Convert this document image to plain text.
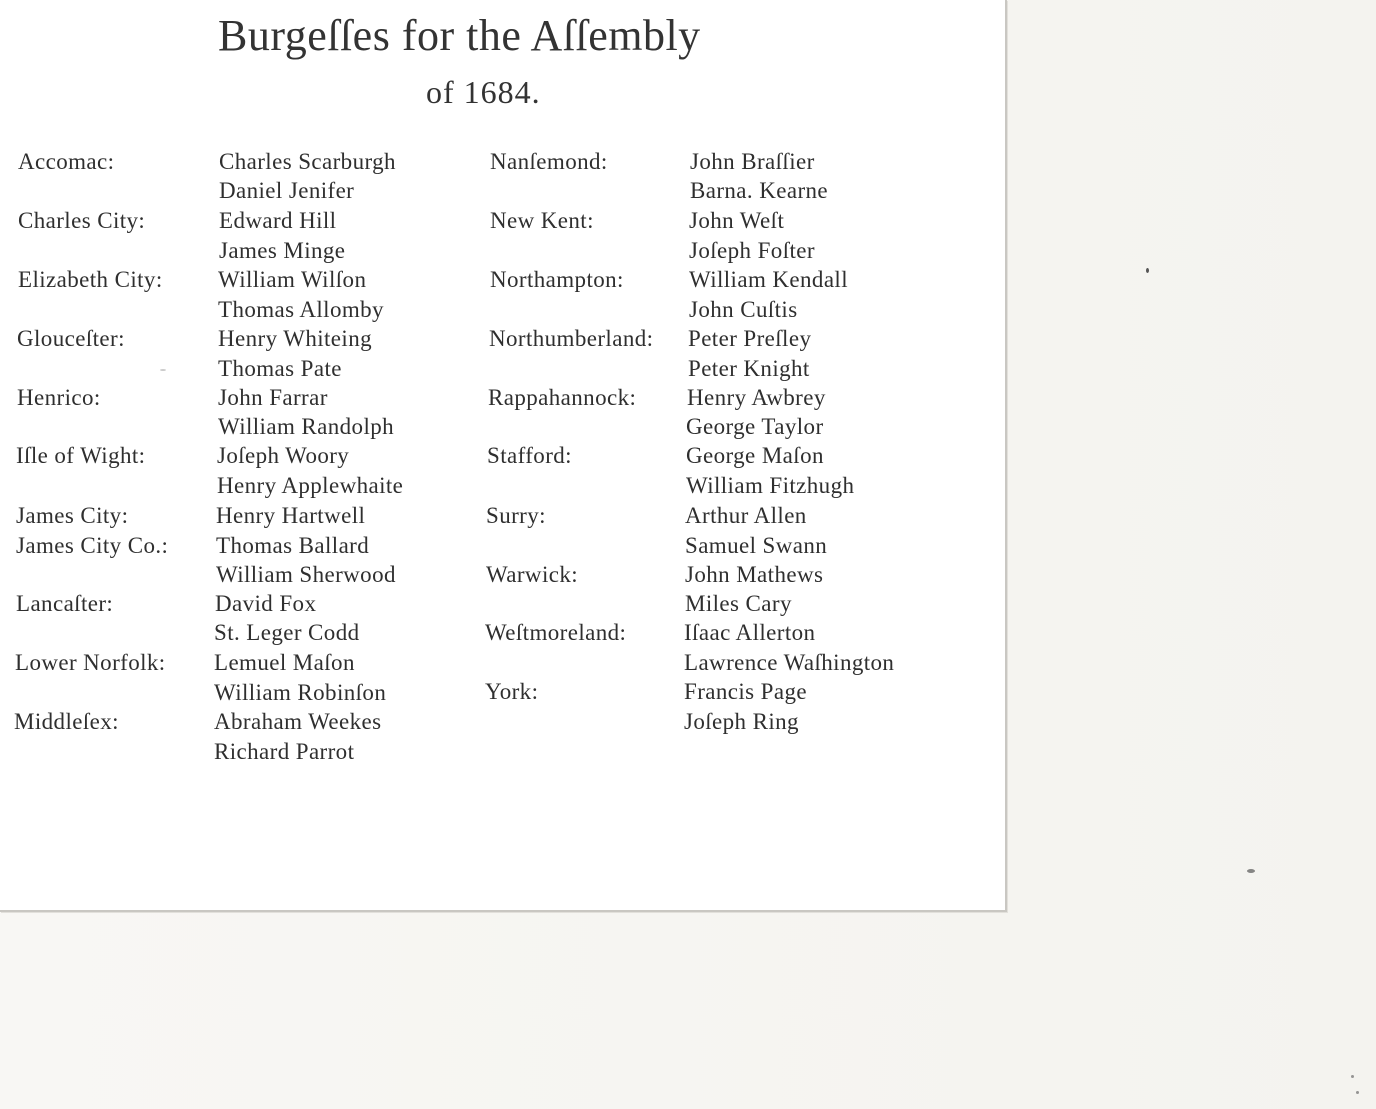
Burgeſſes for the Aſſembly
of 1684.
Accomac:
Charles City:
Elizabeth City:
Glouceſter:
Henrico:
Iſle of Wight:
James City:
James City Co.:
Lancaſter:
Lower Norfolk:
Middleſex:
Charles Scarburgh
Daniel Jenifer
Edward Hill
James Minge
William Wilſon
Thomas Allomby
Henry Whiteing
Thomas Pate
John Farrar
William Randolph
Joſeph Woory
Henry Applewhaite
Henry Hartwell
Thomas Ballard
William Sherwood
David Fox
St. Leger Codd
Lemuel Maſon
William Robinſon
Abraham Weekes
Richard Parrot
Nanſemond:
New Kent:
Northampton:
Northumberland:
Rappahannock:
Stafford:
Surry:
Warwick:
Weſtmoreland:
York:
John Braſſier
Barna. Kearne
John Weſt
Joſeph Foſter
William Kendall
John Cuſtis
Peter Preſley
Peter Knight
Henry Awbrey
George Taylor
George Maſon
William Fitzhugh
Arthur Allen
Samuel Swann
John Mathews
Miles Cary
Iſaac Allerton
Lawrence Waſhington
Francis Page
Joſeph Ring
